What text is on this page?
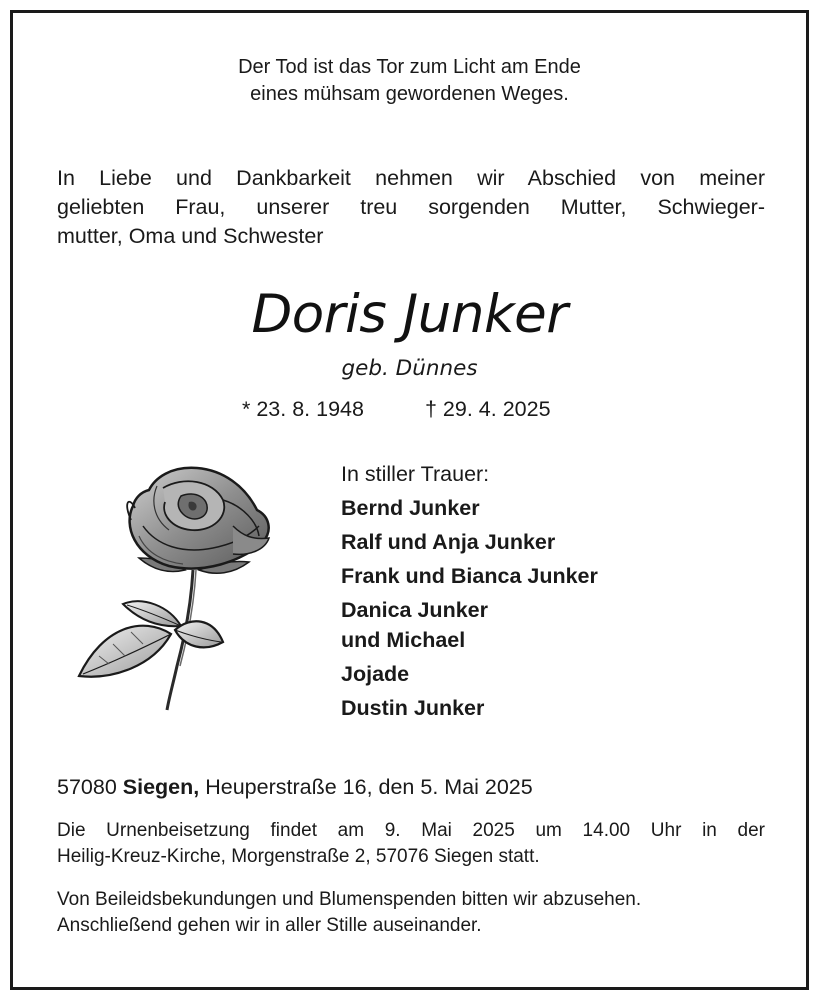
Der Tod ist das Tor zum Licht am Ende
eines mühsam gewordenen Weges.
In Liebe und Dankbarkeit nehmen wir Abschied von meiner
geliebten Frau, unserer treu sorgenden Mutter, Schwieger-
mutter, Oma und Schwester
Doris Junker
geb. Dünnes
* 23. 8. 1948	† 29. 4. 2025
In stiller Trauer:
Bernd Junker
Ralf und Anja Junker
Frank und Bianca Junker
Danica Junker
und Michael
Jojade
Dustin Junker
57080 Siegen, Heuperstraße 16, den 5. Mai 2025
Die Urnenbeisetzung findet am 9. Mai 2025 um 14.00 Uhr in der
Heilig-Kreuz-Kirche, Morgenstraße 2, 57076 Siegen statt.
Von Beileidsbekundungen und Blumenspenden bitten wir abzusehen.
Anschließend gehen wir in aller Stille auseinander.
